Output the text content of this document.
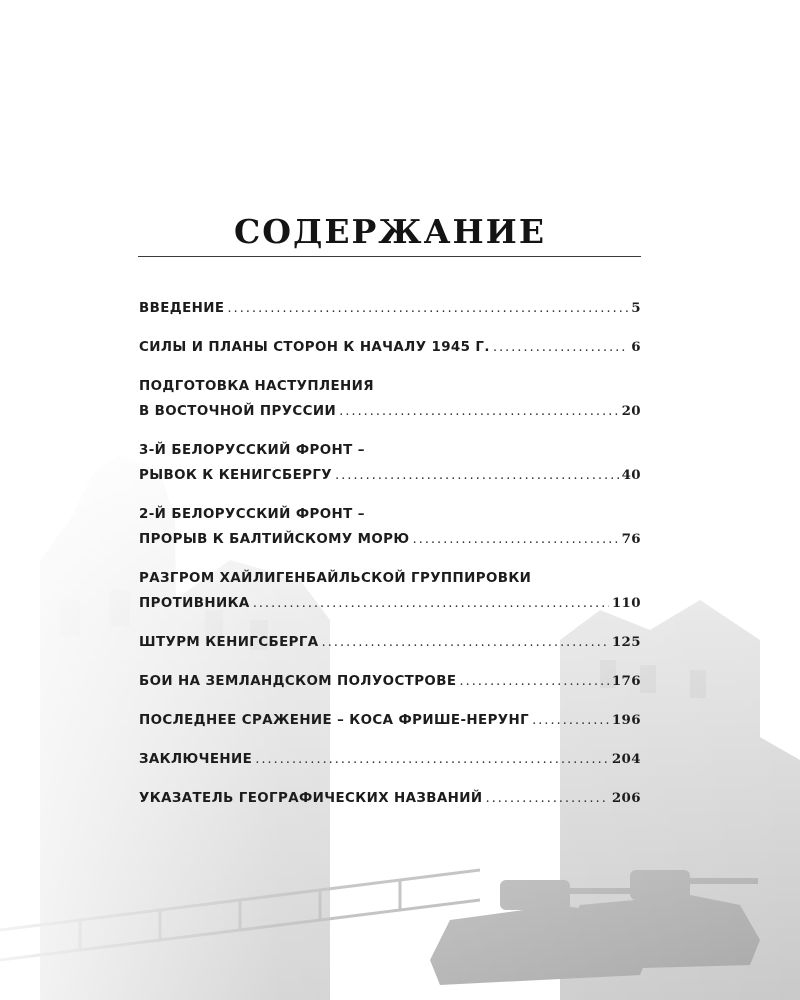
СОДЕРЖАНИЕ
ВВЕДЕНИЕ . . .	5
СИЛЫ И ПЛАНЫ СТОРОН К НАЧАЛУ 1945 Г. . . .	6
ПОДГОТОВКА НАСТУПЛЕНИЯ
В ВОСТОЧНОЙ ПРУССИИ . . .	20
3-Й БЕЛОРУССКИЙ ФРОНТ –
РЫВОК К КЕНИГСБЕРГУ . . .	40
2-Й БЕЛОРУССКИЙ ФРОНТ –
ПРОРЫВ К БАЛТИЙСКОМУ МОРЮ . . .	76
РАЗГРОМ ХАЙЛИГЕНБАЙЛЬСКОЙ ГРУППИРОВКИ
ПРОТИВНИКА . . .	110
ШТУРМ КЕНИГСБЕРГА . . .	125
БОИ НА ЗЕМЛАНДСКОМ ПОЛУОСТРОВЕ . . .	176
ПОСЛЕДНЕЕ СРАЖЕНИЕ – КОСА ФРИШЕ-НЕРУНГ . . .	196
ЗАКЛЮЧЕНИЕ . . .	204
УКАЗАТЕЛЬ ГЕОГРАФИЧЕСКИХ НАЗВАНИЙ . . .	206
